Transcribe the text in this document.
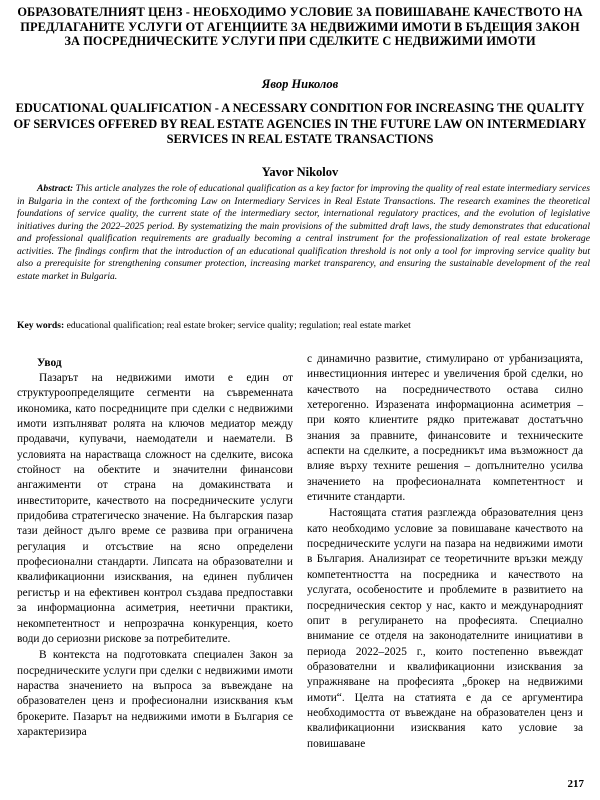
ОБРАЗОВАТЕЛНИЯТ ЦЕНЗ - НЕОБХОДИМО УСЛОВИЕ ЗА ПОВИШАВАНЕ КАЧЕСТВОТО НА ПРЕДЛАГАНИТЕ УСЛУГИ ОТ АГЕНЦИИТЕ ЗА НЕДВИЖИМИ ИМОТИ В БЪДЕЩИЯ ЗАКОН ЗА ПОСРЕДНИЧЕСКИТЕ УСЛУГИ ПРИ СДЕЛКИТЕ С НЕДВИЖИМИ ИМОТИ
Явор Николов
EDUCATIONAL QUALIFICATION - A NECESSARY CONDITION FOR INCREASING THE QUALITY OF SERVICES OFFERED BY REAL ESTATE AGENCIES IN THE FUTURE LAW ON INTERMEDIARY SERVICES IN REAL ESTATE TRANSACTIONS
Yavor Nikolov
Abstract: This article analyzes the role of educational qualification as a key factor for improving the quality of real estate intermediary services in Bulgaria in the context of the forthcoming Law on Intermediary Services in Real Estate Transactions. The research examines the theoretical foundations of service quality, the current state of the intermediary sector, international regulatory practices, and the evolution of legislative initiatives during the 2022–2025 period. By systematizing the main provisions of the submitted draft laws, the study demonstrates that educational and professional qualification requirements are gradually becoming a central instrument for the professionalization of real estate brokerage activities. The findings confirm that the introduction of an educational qualification threshold is not only a tool for improving service quality but also a prerequisite for strengthening consumer protection, increasing market transparency, and ensuring the sustainable development of the real estate market in Bulgaria.
Key words: educational qualification; real estate broker; service quality; regulation; real estate market
Увод

Пазарът на недвижими имоти е един от структуроопределящите сегменти на съвременната икономика, като посредниците при сделки с недвижими имоти изпълняват ролята на ключов медиатор между продавачи, купувачи, наемодатели и наематели. В условията на нарастваща сложност на сделките, висока стойност на обектите и значителни финансови ангажименти от страна на домакинствата и инвеститорите, качеството на посредническите услуги придобива стратегическо значение. На българския пазар тази дейност дълго време се развива при ограничена регулация и отсъствие на ясно определени професионални стандарти. Липсата на образователни и квалификационни изисквания, на единен публичен регистър и на ефективен контрол създава предпоставки за информационна асиметрия, неетични практики, некомпетентност и непрозрачна конкуренция, което води до сериозни рискове за потребителите.

В контекста на подготовката специален Закон за посредническите услуги при сделки с недвижими имоти нараства значението на въпроса за въвеждане на образователен ценз и професионални изисквания към брокерите. Пазарът на недвижими имоти в България се характеризира

с динамично развитие, стимулирано от урбанизацията, инвестиционния интерес и увеличения брой сделки, но качеството на посредничеството остава силно хетерогенно. Изразената информационна асиметрия – при която клиентите рядко притежават достатъчно знания за правните, финансовите и техническите аспекти на сделките, а посредникът има възможност да влияе върху техните решения – допълнително усилва значението на професионалната компетентност и етичните стандарти.

Настоящата статия разглежда образователния ценз като необходимо условие за повишаване качеството на посредническите услуги на пазара на недвижими имоти в България. Анализират се теоретичните връзки между компетентността на посредника и качеството на услугата, особеностите и проблемите в развитието на посредническия сектор у нас, както и международният опит в регулирането на професията. Специално внимание се отделя на законодателните инициативи в периода 2022–2025 г., които постепенно въвеждат образователни и квалификационни изисквания за упражняване на професията „брокер на недвижими имоти“. Целта на статията е да се аргументира необходимостта от въвеждане на образователен ценз и квалификационни изисквания като условие за повишаване

217
